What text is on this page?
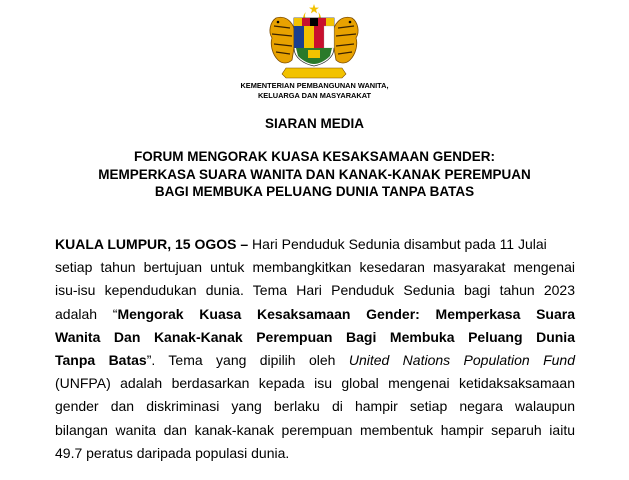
KEMENTERIAN PEMBANGUNAN WANITA,
KELUARGA DAN MASYARAKAT
SIARAN MEDIA
FORUM MENGORAK KUASA KESAKSAMAAN GENDER:
MEMPERKASA SUARA WANITA DAN KANAK-KANAK PEREMPUAN
BAGI MEMBUKA PELUANG DUNIA TANPA BATAS
KUALA LUMPUR, 15 OGOS – Hari Penduduk Sedunia disambut pada 11 Julai
setiap tahun bertujuan untuk membangkitkan kesedaran masyarakat mengenai
isu-isu kependudukan dunia. Tema Hari Penduduk Sedunia bagi tahun 2023
adalah “Mengorak Kuasa Kesaksamaan Gender: Memperkasa Suara
Wanita Dan Kanak-Kanak Perempuan Bagi Membuka Peluang Dunia
Tanpa Batas”. Tema yang dipilih oleh United Nations Population Fund
(UNFPA) adalah berdasarkan kepada isu global mengenai ketidaksaksamaan
gender dan diskriminasi yang berlaku di hampir setiap negara walaupun
bilangan wanita dan kanak-kanak perempuan membentuk hampir separuh iaitu
49.7 peratus daripada populasi dunia.
